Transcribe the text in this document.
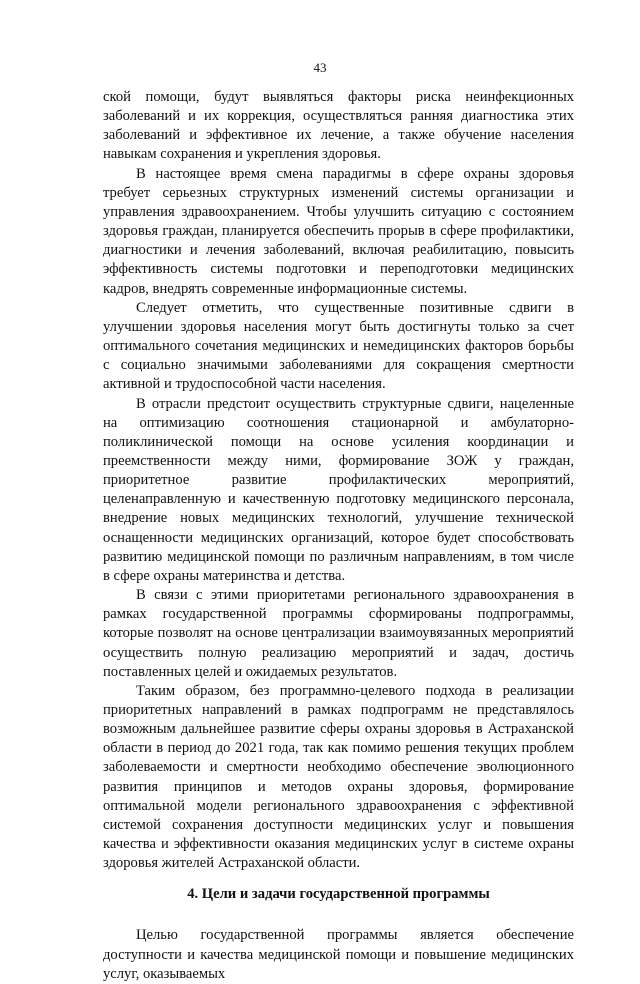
43

ской помощи, будут выявляться факторы риска неинфекционных заболеваний и их коррекция, осуществляться ранняя диагностика этих заболеваний и эффективное их лечение, а также обучение населения навыкам сохранения и укрепления здоровья.

В настоящее время смена парадигмы в сфере охраны здоровья требует серьезных структурных изменений системы организации и управления здравоохранением. Чтобы улучшить ситуацию с состоянием здоровья граждан, планируется обеспечить прорыв в сфере профилактики, диагностики и лечения заболеваний, включая реабилитацию, повысить эффективность системы подготовки и переподготовки медицинских кадров, внедрять современные информационные системы.

Следует отметить, что существенные позитивные сдвиги в улучшении здоровья населения могут быть достигнуты только за счет оптимального сочетания медицинских и немедицинских факторов борьбы с социально значимыми заболеваниями для сокращения смертности активной и трудоспособной части населения.

В отрасли предстоит осуществить структурные сдвиги, нацеленные на оптимизацию соотношения стационарной и амбулаторно-поликлинической помощи на основе усиления координации и преемственности между ними, формирование ЗОЖ у граждан, приоритетное развитие профилактических мероприятий, целенаправленную и качественную подготовку медицинского персонала, внедрение новых медицинских технологий, улучшение технической оснащенности медицинских организаций, которое будет способствовать развитию медицинской помощи по различным направлениям, в том числе в сфере охраны материнства и детства.

В связи с этими приоритетами регионального здравоохранения в рамках государственной программы сформированы подпрограммы, которые позволят на основе централизации взаимоувязанных мероприятий осуществить полную реализацию мероприятий и задач, достичь поставленных целей и ожидаемых результатов.

Таким образом, без программно-целевого подхода в реализации приоритетных направлений в рамках подпрограмм не представлялось возможным дальнейшее развитие сферы охраны здоровья в Астраханской области в период до 2021 года, так как помимо решения текущих проблем заболеваемости и смертности необходимо обеспечение эволюционного развития принципов и методов охраны здоровья, формирование оптимальной модели регионального здравоохранения с эффективной системой сохранения доступности медицинских услуг и повышения качества и эффективности оказания медицинских услуг в системе охраны здоровья жителей Астраханской области.

4. Цели и задачи государственной программы

Целью государственной программы является обеспечение доступности и качества медицинской помощи и повышение медицинских услуг, оказываемых
